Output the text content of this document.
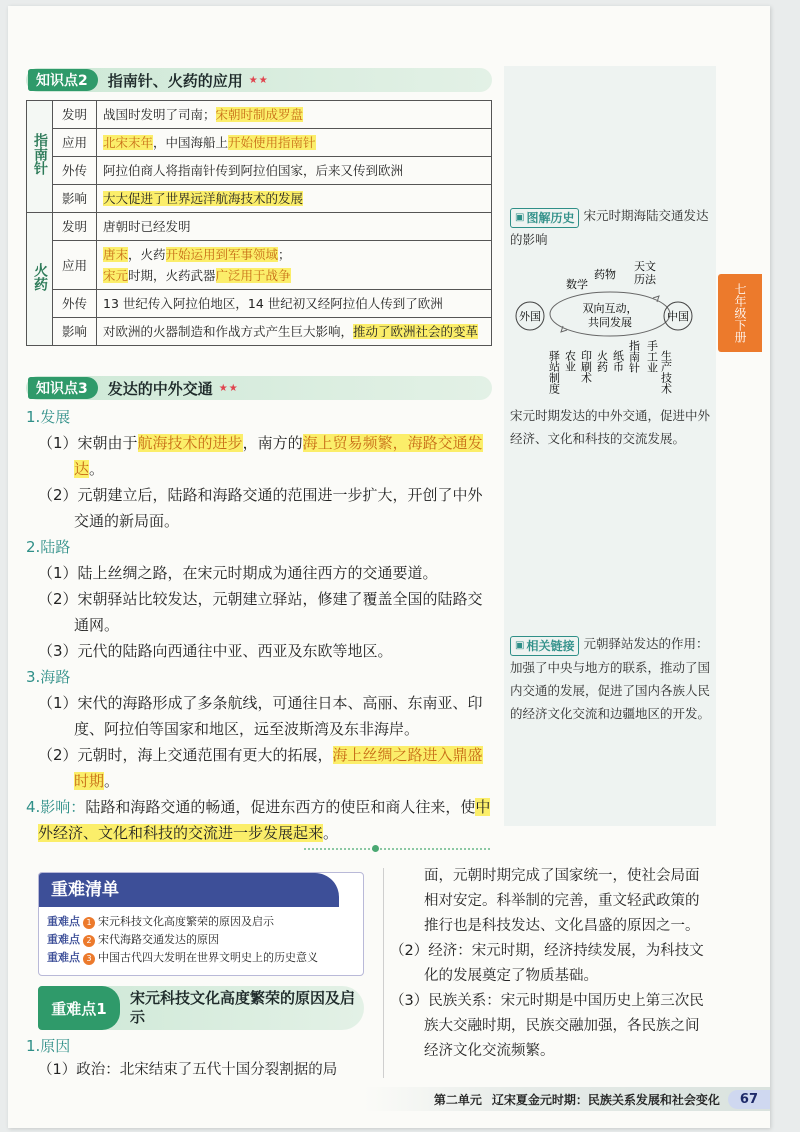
知识点2	指南针、火药的应用 ★★
指南针	发明	战国时发明了司南；宋朝时制成罗盘
	应用	北宋末年，中国海船上开始使用指南针
	外传	阿拉伯商人将指南针传到阿拉伯国家，后来又传到欧洲
	影响	大大促进了世界远洋航海技术的发展
火药	发明	唐朝时已经发明
	应用	唐末，火药开始运用到军事领域；
宋元时期，火药武器广泛用于战争

	外传	13 世纪传入阿拉伯地区，14 世纪初又经阿拉伯人传到了欧洲
	影响	对欧洲的火器制造和作战方式产生巨大影响，推动了欧洲社会的变革
知识点3	发达的中外交通 ★★
1.发展
（1）宋朝由于航海技术的进步，南方的海上贸易频繁，海路交通发达。
（2）元朝建立后，陆路和海路交通的范围进一步扩大，开创了中外交通的新局面。
2.陆路
（1）陆上丝绸之路，在宋元时期成为通往西方的交通要道。
（2）宋朝驿站比较发达，元朝建立驿站，修建了覆盖全国的陆路交通网。
（3）元代的陆路向西通往中亚、西亚及东欧等地区。
3.海路
（1）宋代的海路形成了多条航线，可通往日本、高丽、东南亚、印度、阿拉伯等国家和地区，远至波斯湾及东非海岸。
（2）元朝时，海上交通范围有更大的拓展，海上丝绸之路进入鼎盛时期。
4.影响：陆路和海路交通的畅通，促进东西方的使臣和商人往来，使中外经济、文化和科技的交流进一步发展起来。
▣ 图解历史 宋元时期海陆交通发达的影响
外国	中国
双向互动，
共同发展
数学
药物
天文
历法
驿站制度 农业 印刷术 火药 纸币 指南针 手工业 生产技术
宋元时期发达的中外交通，促进中外经济、文化和科技的交流发展。
▣ 相关链接 元朝驿站发达的作用：加强了中央与地方的联系，推动了国内交通的发展，促进了国内各族人民的经济文化交流和边疆地区的开发。
七年级下册
重难清单
重难点 1 宋元科技文化高度繁荣的原因及启示
重难点 2 宋代海路交通发达的原因
重难点 3 中国古代四大发明在世界文明史上的历史意义
重难点1
宋元科技文化高度繁荣的原因及启示
1.原因
（1）政治：北宋结束了五代十国分裂割据的局
面，元朝时期完成了国家统一，使社会局面相对安定。科举制的完善，重文轻武政策的推行也是科技发达、文化昌盛的原因之一。
（2）经济：宋元时期，经济持续发展，为科技文化的发展奠定了物质基础。
（3）民族关系：宋元时期是中国历史上第三次民族大交融时期，民族交融加强，各民族之间经济文化交流频繁。
第二单元 辽宋夏金元时期：民族关系发展和社会变化	67
